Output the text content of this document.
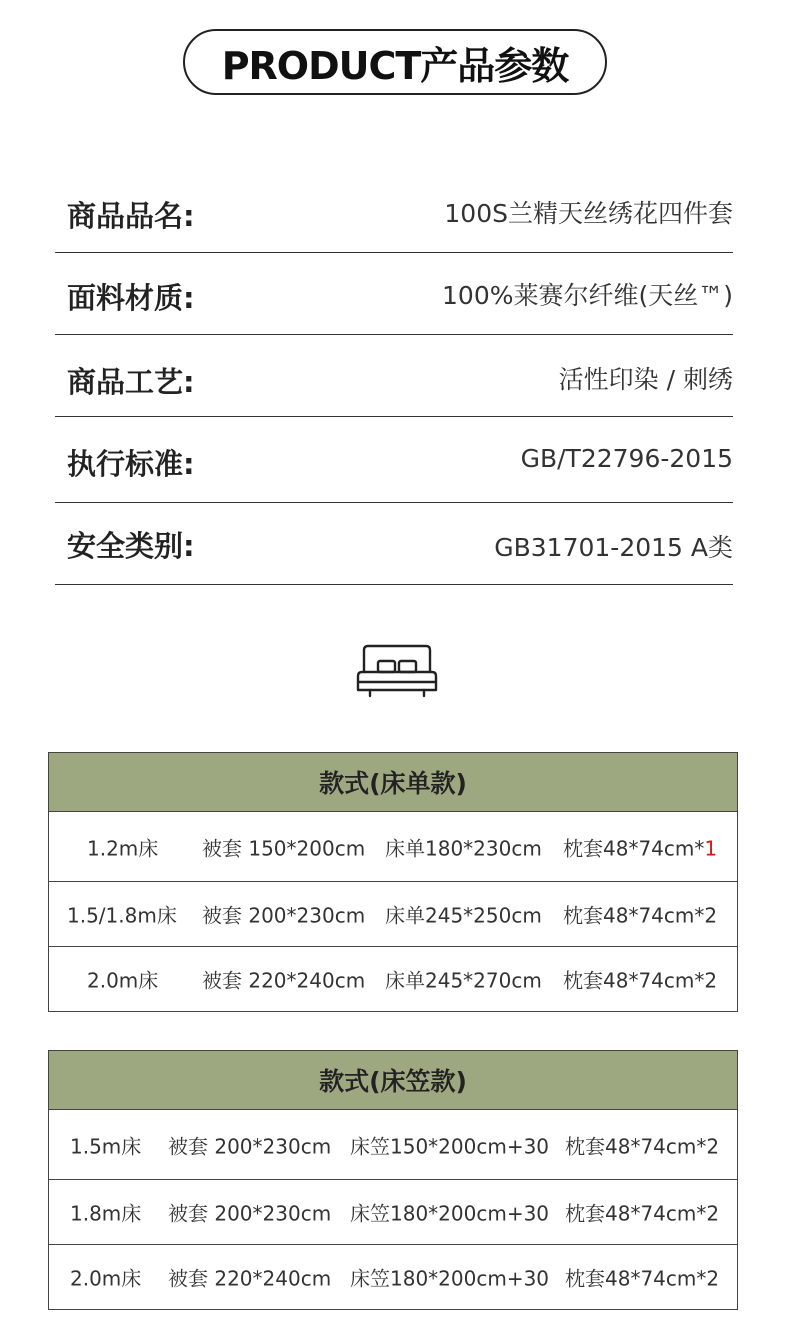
PRODUCT产品参数
商品品名:	100S兰精天丝绣花四件套
面料材质:	100%莱赛尔纤维(天丝™)
商品工艺:	活性印染 / 刺绣
执行标准:	GB/T22796-2015
安全类别:	GB31701-2015 A类
款式(床单款)
1.2m床 被套 150*200cm 床单180*230cm 枕套48*74cm*1
1.5/1.8m床 被套 200*230cm 床单245*250cm 枕套48*74cm*2
2.0m床 被套 220*240cm 床单245*270cm 枕套48*74cm*2
款式(床笠款)
1.5m床 被套 200*230cm 床笠150*200cm+30 枕套48*74cm*2
1.8m床 被套 200*230cm 床笠180*200cm+30 枕套48*74cm*2
2.0m床 被套 220*240cm 床笠180*200cm+30 枕套48*74cm*2
